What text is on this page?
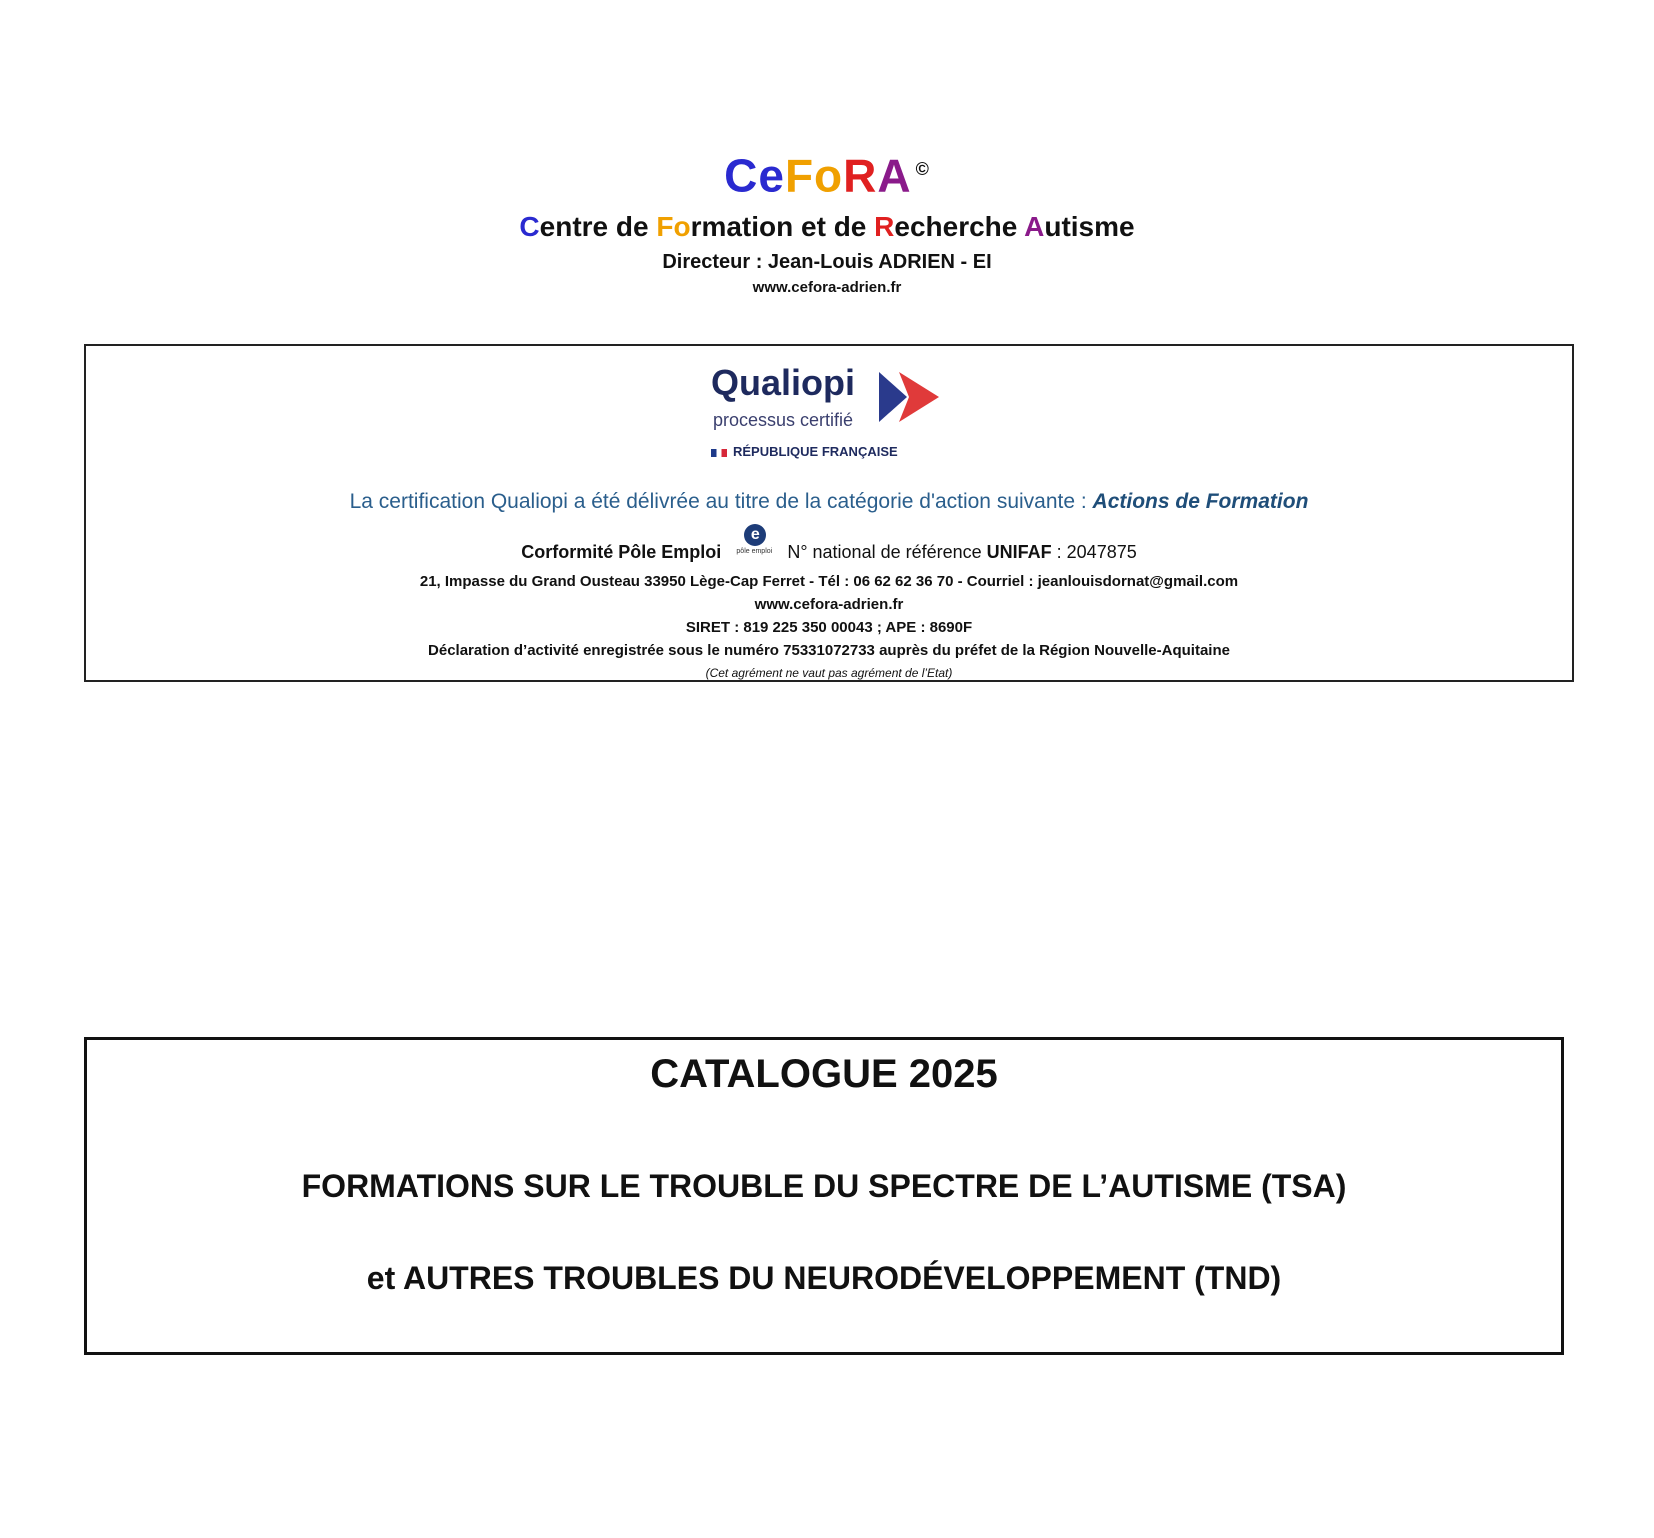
CeFoRA ©
Centre de Formation et de Recherche Autisme
Directeur : Jean-Louis ADRIEN - EI
www.cefora-adrien.fr
Qualiopi
processus certifié
RÉPUBLIQUE FRANÇAISE
La certification Qualiopi a été délivrée au titre de la catégorie d'action suivante : Actions de Formation
Corformité Pôle Emploi
e
pôle emploi N° national de référence UNIFAF : 2047875
21, Impasse du Grand Ousteau 33950 Lège-Cap Ferret - Tél : 06 62 62 36 70 - Courriel : jeanlouisdornat@gmail.com
www.cefora-adrien.fr
SIRET : 819 225 350 00043 ; APE : 8690F
Déclaration d’activité enregistrée sous le numéro 75331072733 auprès du préfet de la Région Nouvelle-Aquitaine
(Cet agrément ne vaut pas agrément de l’Etat)
CATALOGUE 2025
FORMATIONS SUR LE TROUBLE DU SPECTRE DE L’AUTISME (TSA)
et AUTRES TROUBLES DU NEURODÉVELOPPEMENT (TND)
